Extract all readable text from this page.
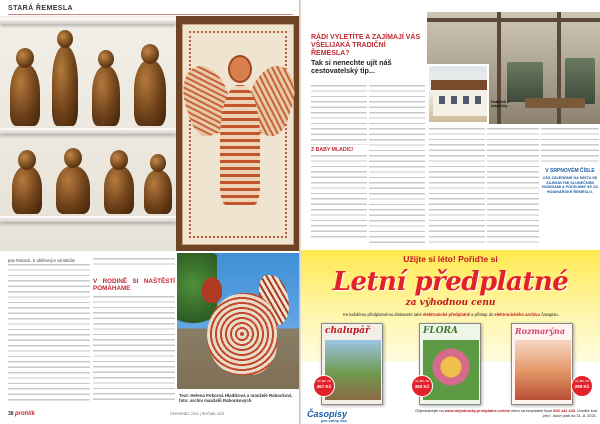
STARÁ ŘEMESLA
pan Rabock. K oblíbeným výrobkům
V RODINĚ SI NAŠTĚSTÍ POMÁHAME
Text: Helena Pokorná Hladíková a manželé Rabockovi, foto: archiv manželů Rabockových
38 prohlík	ČERVENEC 2021 | ROČNÍK 2021
RÁDI VYLETÍTE A ZAJÍMAJÍ VÁS VŠELIJAKÁ TRADIČNÍ ŘEMESLA?
Tak si nenechte ujít náš cestovatelský tip...
Z BABY MLADIC!
Hoblíček a kobyličky
V SRPNOVÉM ČÍSLE
VÁS ZAVEDEME NA MÍSTA SE ZAJÍMAVÝMI SLUNEČNÍMI HODINAMI A PODÍVÁME SE ZA HODINÁŘSKÉ ŘEMESLO.
Užijte si léto! Pořiďte si
Letní předplatné
za výhodnou cenu
Ke každému předplatnému dostanete také elektronické předplatné a přístup do elektronického archivu časopisu.
chalupář
už jen za
457 Kč
FLORA
už jen za
360 Kč
Rozmarýna
už jen za
289 Kč
Časopisy
pro volný čas
Objednávejte na www.objednavky.predplatne.cz/leto nebo na bezplatné lince 800 444 445. Uveďte kód „leto“. Akce platí do 31. 8. 2021.
